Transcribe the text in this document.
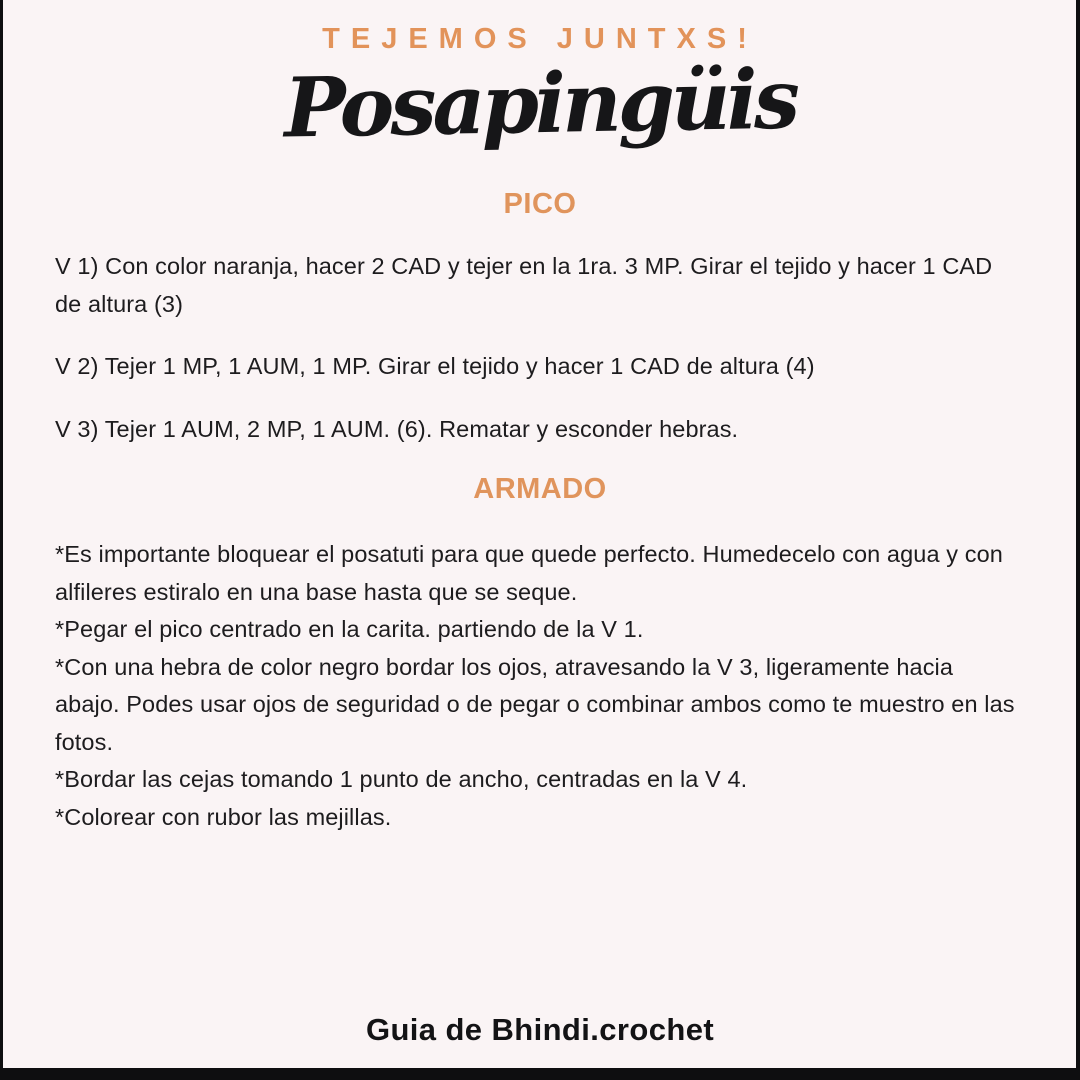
TEJEMOS JUNTXS!
Posapingüis
PICO

V 1) Con color naranja, hacer 2 CAD y tejer en la 1ra. 3 MP. Girar el tejido y hacer 1 CAD de altura (3)

V 2) Tejer 1 MP, 1 AUM, 1 MP. Girar el tejido y hacer 1 CAD de altura (4)

V 3) Tejer 1 AUM, 2 MP, 1 AUM. (6). Rematar y esconder hebras.

ARMADO

*Es importante bloquear el posatuti para que quede perfecto. Humedecelo con agua y con alfileres estiralo en una base hasta que se seque.

*Pegar el pico centrado en la carita. partiendo de la V 1.

*Con una hebra de color negro bordar los ojos, atravesando la V 3, ligeramente hacia abajo. Podes usar ojos de seguridad o de pegar o combinar ambos como te muestro en las fotos.

*Bordar las cejas tomando 1 punto de ancho, centradas en la V 4.

*Colorear con rubor las mejillas.

Guia de Bhindi.crochet
